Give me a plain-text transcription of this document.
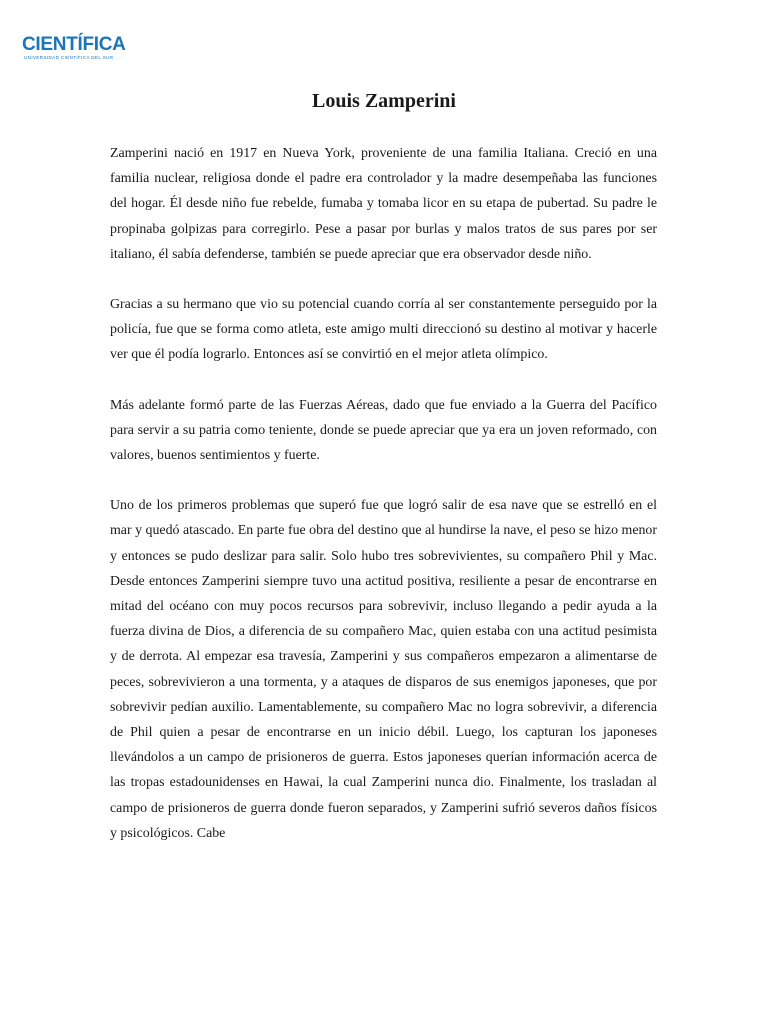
CIENTÍFICA
UNIVERSIDAD CIENTÍFICA DEL SUR
Louis Zamperini

Zamperini nació en 1917 en Nueva York, proveniente de una familia Italiana. Creció en una familia nuclear, religiosa donde el padre era controlador y la madre desempeñaba las funciones del hogar. Él desde niño fue rebelde, fumaba y tomaba licor en su etapa de pubertad. Su padre le propinaba golpizas para corregirlo. Pese a pasar por burlas y malos tratos de sus pares por ser italiano, él sabía defenderse, también se puede apreciar que era observador desde niño.

Gracias a su hermano que vio su potencial cuando corría al ser constantemente perseguido por la policía, fue que se forma como atleta, este amigo multi direccionó su destino al motivar y hacerle ver que él podía lograrlo. Entonces así se convirtió en el mejor atleta olímpico.

Más adelante formó parte de las Fuerzas Aéreas, dado que fue enviado a la Guerra del Pacífico para servir a su patria como teniente, donde se puede apreciar que ya era un joven reformado, con valores, buenos sentimientos y fuerte.

Uno de los primeros problemas que superó fue que logró salir de esa nave que se estrelló en el mar y quedó atascado. En parte fue obra del destino que al hundirse la nave, el peso se hizo menor y entonces se pudo deslizar para salir. Solo hubo tres sobrevivientes, su compañero Phil y Mac. Desde entonces Zamperini siempre tuvo una actitud positiva, resiliente a pesar de encontrarse en mitad del océano con muy pocos recursos para sobrevivir, incluso llegando a pedir ayuda a la fuerza divina de Dios, a diferencia de su compañero Mac, quien estaba con una actitud pesimista y de derrota. Al empezar esa travesía, Zamperini y sus compañeros empezaron a alimentarse de peces, sobrevivieron a una tormenta, y a ataques de disparos de sus enemigos japoneses, que por sobrevivir pedían auxilio. Lamentablemente, su compañero Mac no logra sobrevivir, a diferencia de Phil quien a pesar de encontrarse en un inicio débil. Luego, los capturan los japoneses llevándolos a un campo de prisioneros de guerra. Estos japoneses querían información acerca de las tropas estadounidenses en Hawai, la cual Zamperini nunca dio. Finalmente, los trasladan al campo de prisioneros de guerra donde fueron separados, y Zamperini sufrió severos daños físicos y psicológicos. Cabe
